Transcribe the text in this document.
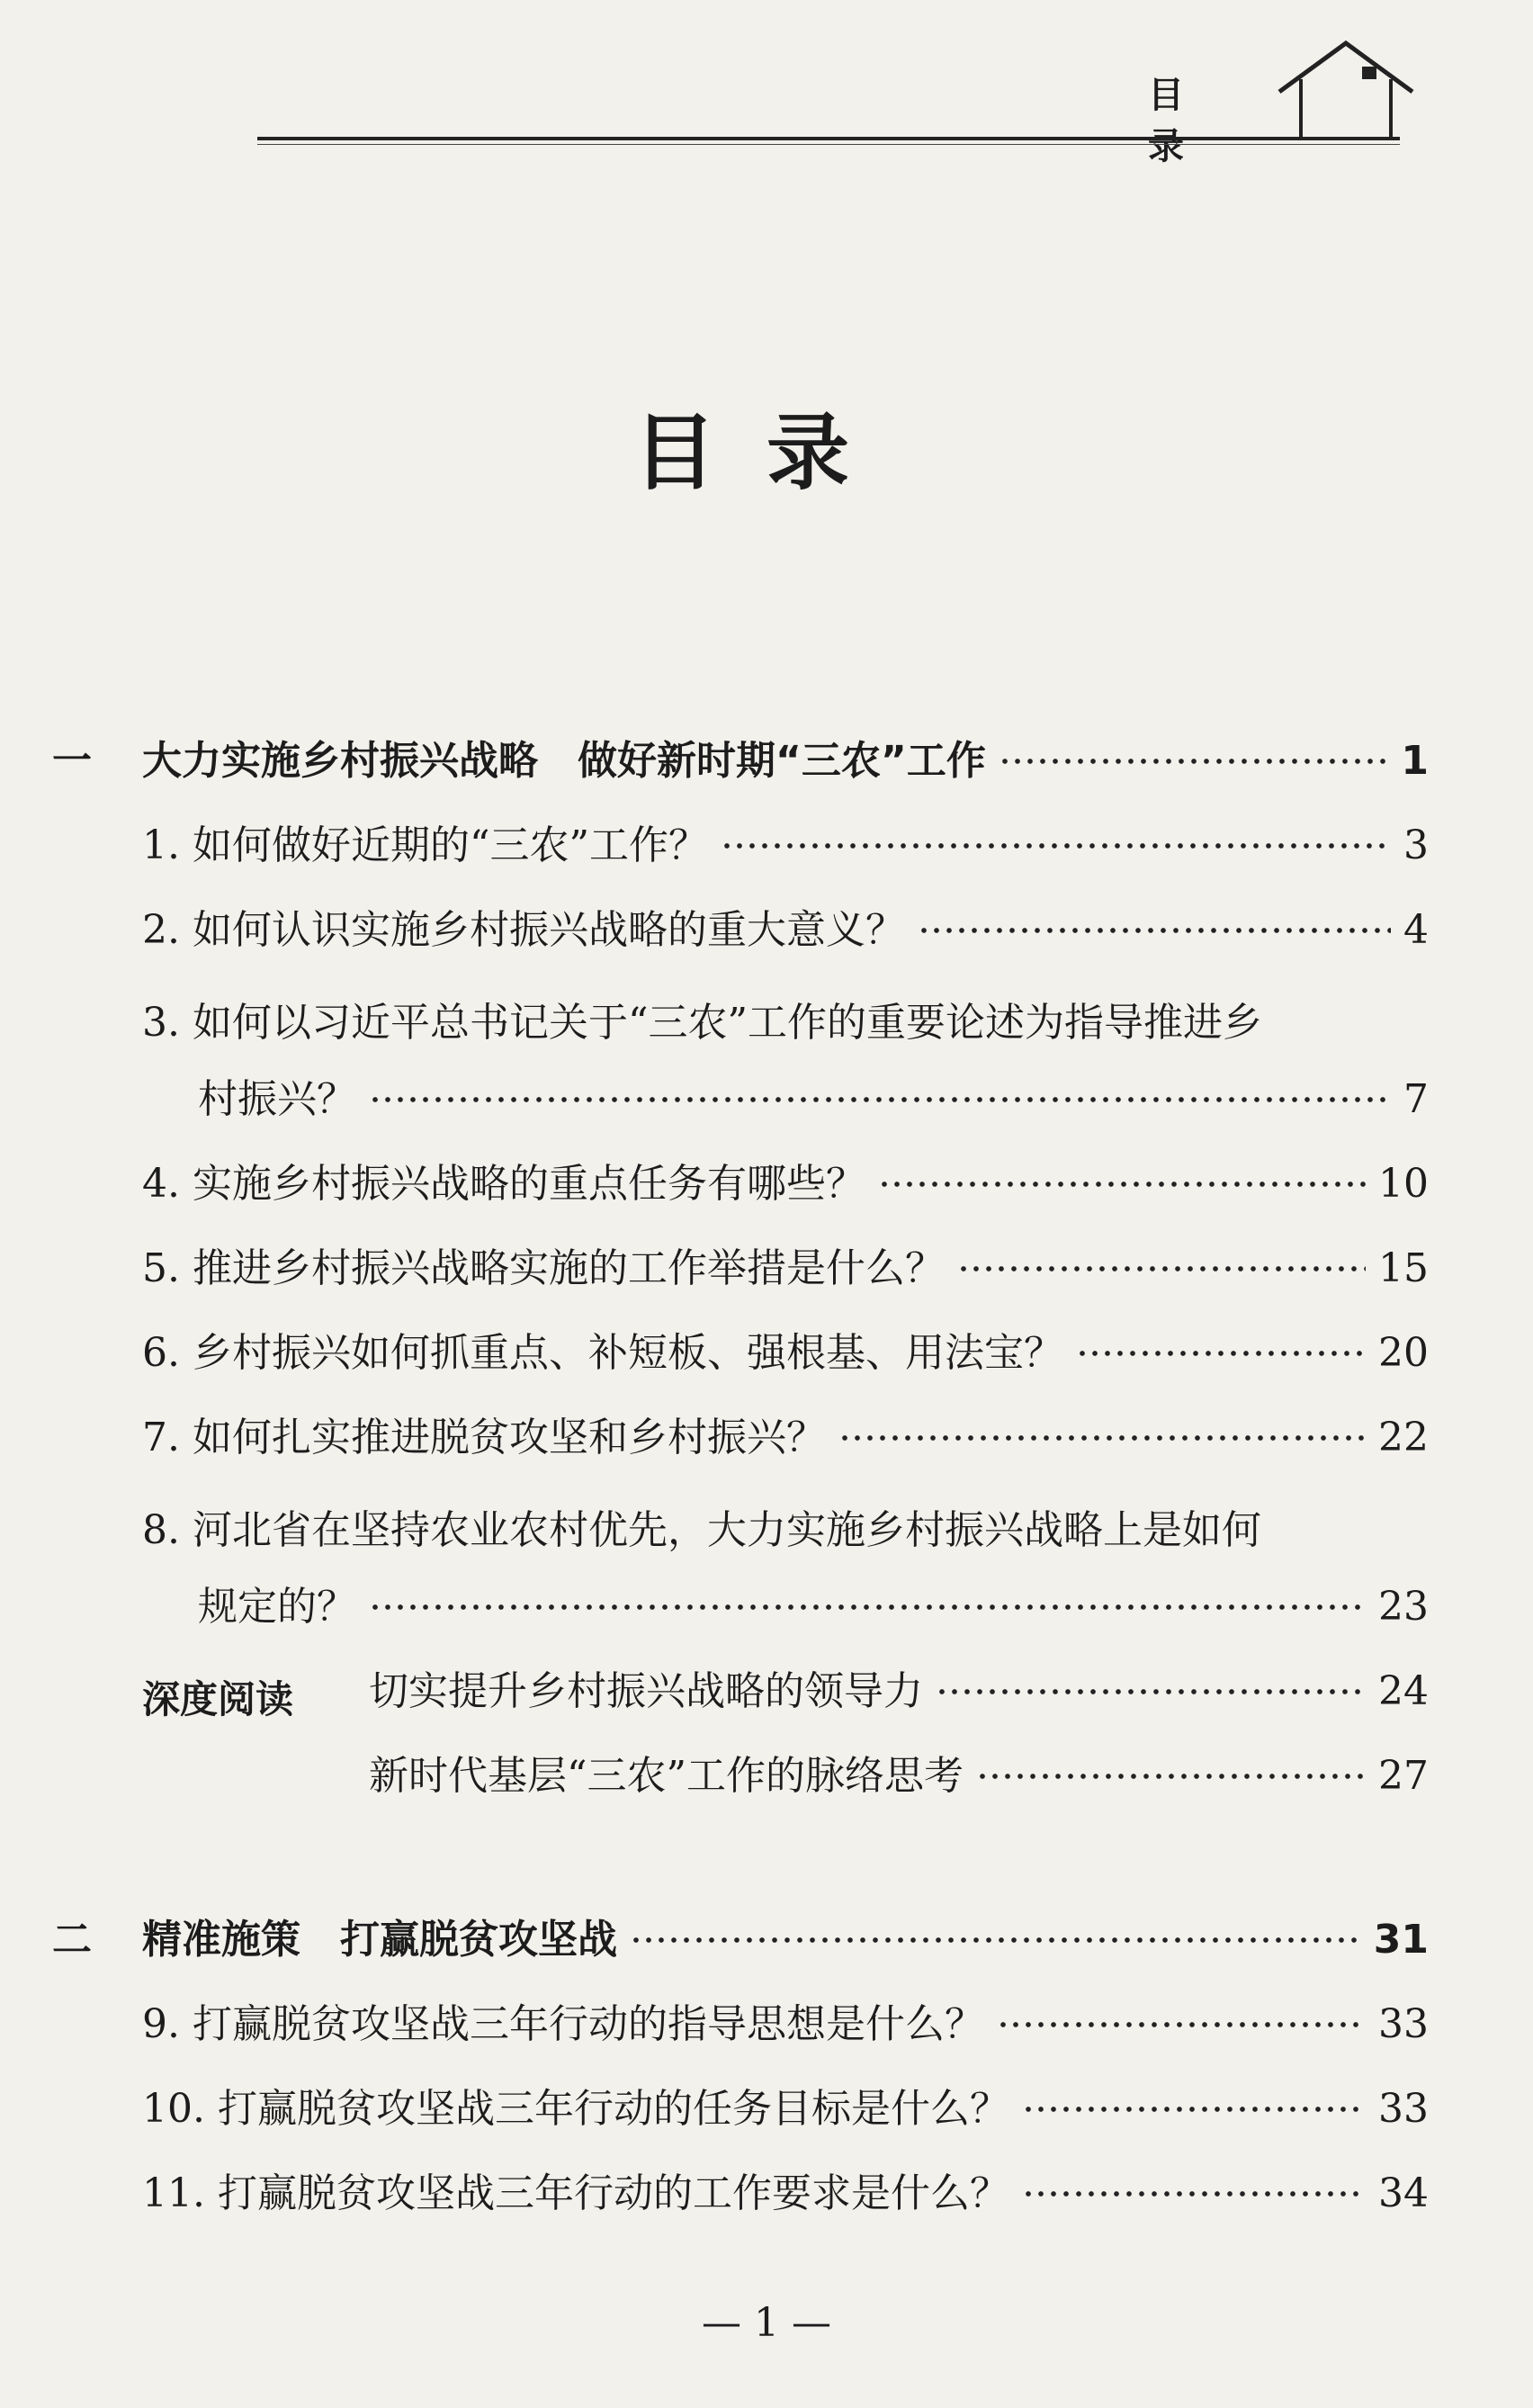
目 录
目录
一 大力实施乡村振兴战略　做好新时期“三农”工作	1
1. 如何做好近期的“三农”工作？	3
2. 如何认识实施乡村振兴战略的重大意义？	4
3. 如何以习近平总书记关于“三农”工作的重要论述为指导推进乡
村振兴？	7
4. 实施乡村振兴战略的重点任务有哪些？	10
5. 推进乡村振兴战略实施的工作举措是什么？	15
6. 乡村振兴如何抓重点、补短板、强根基、用法宝？	20
7. 如何扎实推进脱贫攻坚和乡村振兴？	22
8. 河北省在坚持农业农村优先，大力实施乡村振兴战略上是如何
规定的？	23
深度阅读 切实提升乡村振兴战略的领导力	24
新时代基层“三农”工作的脉络思考	27
二 精准施策　打赢脱贫攻坚战	31
9. 打赢脱贫攻坚战三年行动的指导思想是什么？	33
10. 打赢脱贫攻坚战三年行动的任务目标是什么？	33
11. 打赢脱贫攻坚战三年行动的工作要求是什么？	34
— 1 —
